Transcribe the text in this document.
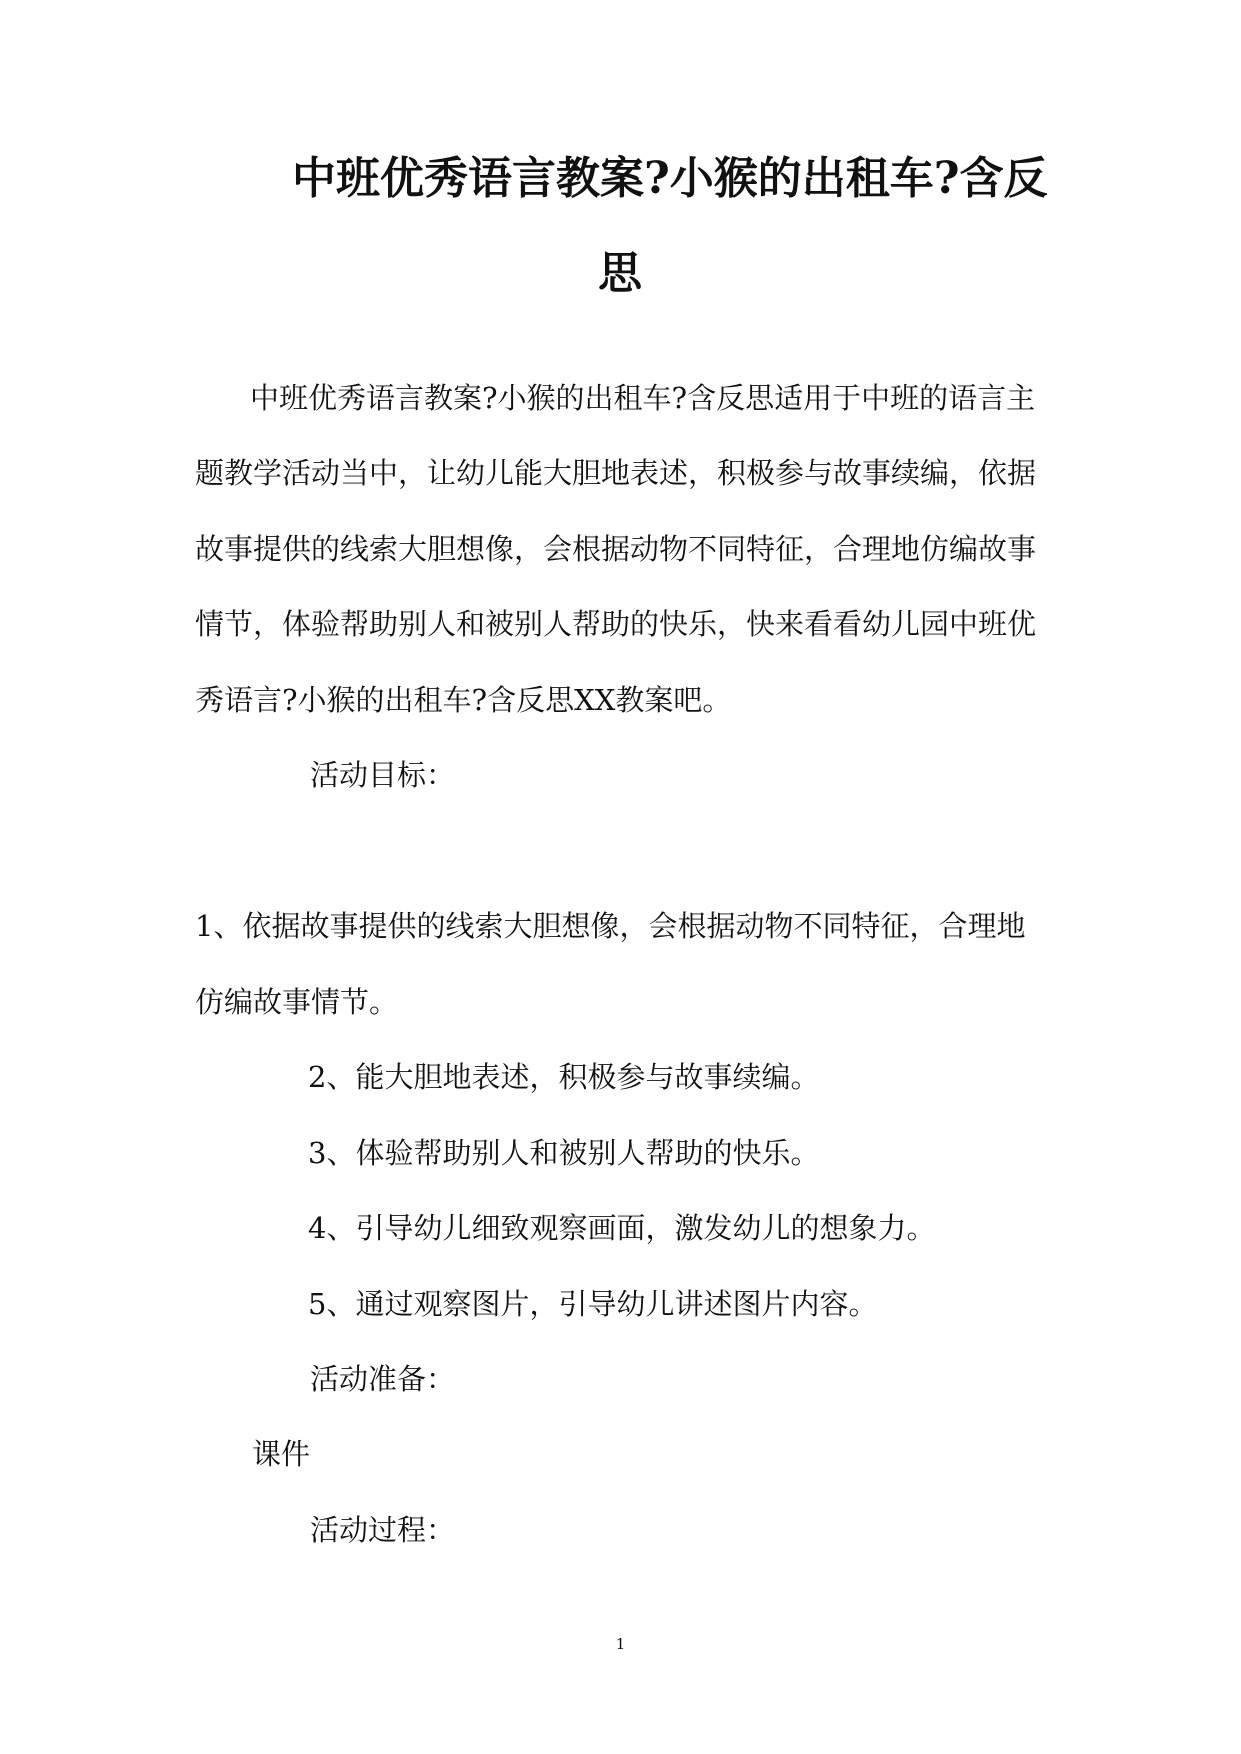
中班优秀语言教案?小猴的出租车?含反
思

中班优秀语言教案?小猴的出租车?含反思适用于中班的语言主

题教学活动当中，让幼儿能大胆地表述，积极参与故事续编，依据

故事提供的线索大胆想像，会根据动物不同特征，合理地仿编故事

情节，体验帮助别人和被别人帮助的快乐，快来看看幼儿园中班优

秀语言?小猴的出租车?含反思XX教案吧。

活动目标：

1、依据故事提供的线索大胆想像，会根据动物不同特征，合理地

仿编故事情节。

2、能大胆地表述，积极参与故事续编。

3、体验帮助别人和被别人帮助的快乐。

4、引导幼儿细致观察画面，激发幼儿的想象力。

5、通过观察图片，引导幼儿讲述图片内容。

活动准备：

课件

活动过程：

1
